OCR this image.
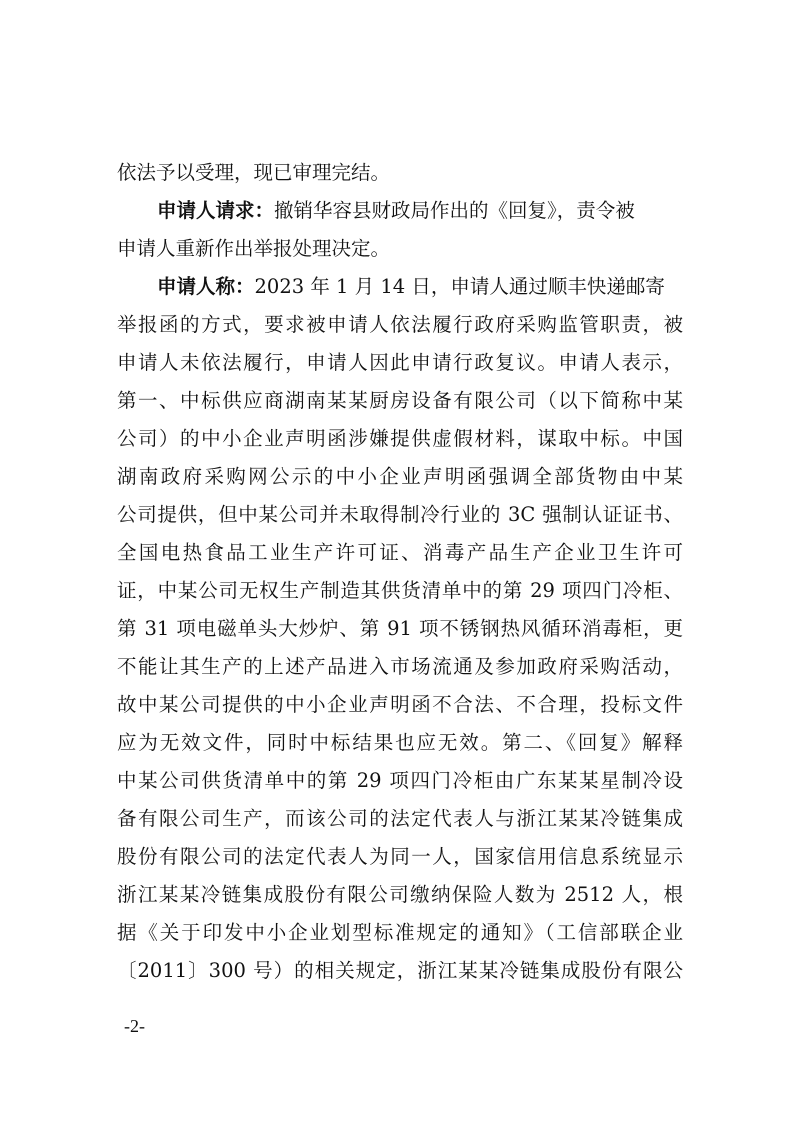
依法予以受理，现已审理完结。
申请人请求：撤销华容县财政局作出的《回复》，责令被
申请人重新作出举报处理决定。
申请人称：2023 年 1 月 14 日，申请人通过顺丰快递邮寄
举报函的方式，要求被申请人依法履行政府采购监管职责，被
申请人未依法履行，申请人因此申请行政复议。申请人表示，
第一、中标供应商湖南某某厨房设备有限公司（以下简称中某
公司）的中小企业声明函涉嫌提供虚假材料，谋取中标。中国
湖南政府采购网公示的中小企业声明函强调全部货物由中某
公司提供，但中某公司并未取得制冷行业的 3C 强制认证证书、
全国电热食品工业生产许可证、消毒产品生产企业卫生许可
证，中某公司无权生产制造其供货清单中的第 29 项四门冷柜、
第 31 项电磁单头大炒炉、第 91 项不锈钢热风循环消毒柜，更
不能让其生产的上述产品进入市场流通及参加政府采购活动，
故中某公司提供的中小企业声明函不合法、不合理，投标文件
应为无效文件，同时中标结果也应无效。第二、《回复》解释
中某公司供货清单中的第 29 项四门冷柜由广东某某星制冷设
备有限公司生产，而该公司的法定代表人与浙江某某冷链集成
股份有限公司的法定代表人为同一人，国家信用信息系统显示
浙江某某冷链集成股份有限公司缴纳保险人数为 2512 人，根
据《关于印发中小企业划型标准规定的通知》（工信部联企业
〔2011〕300 号）的相关规定，浙江某某冷链集成股份有限公
-2-
